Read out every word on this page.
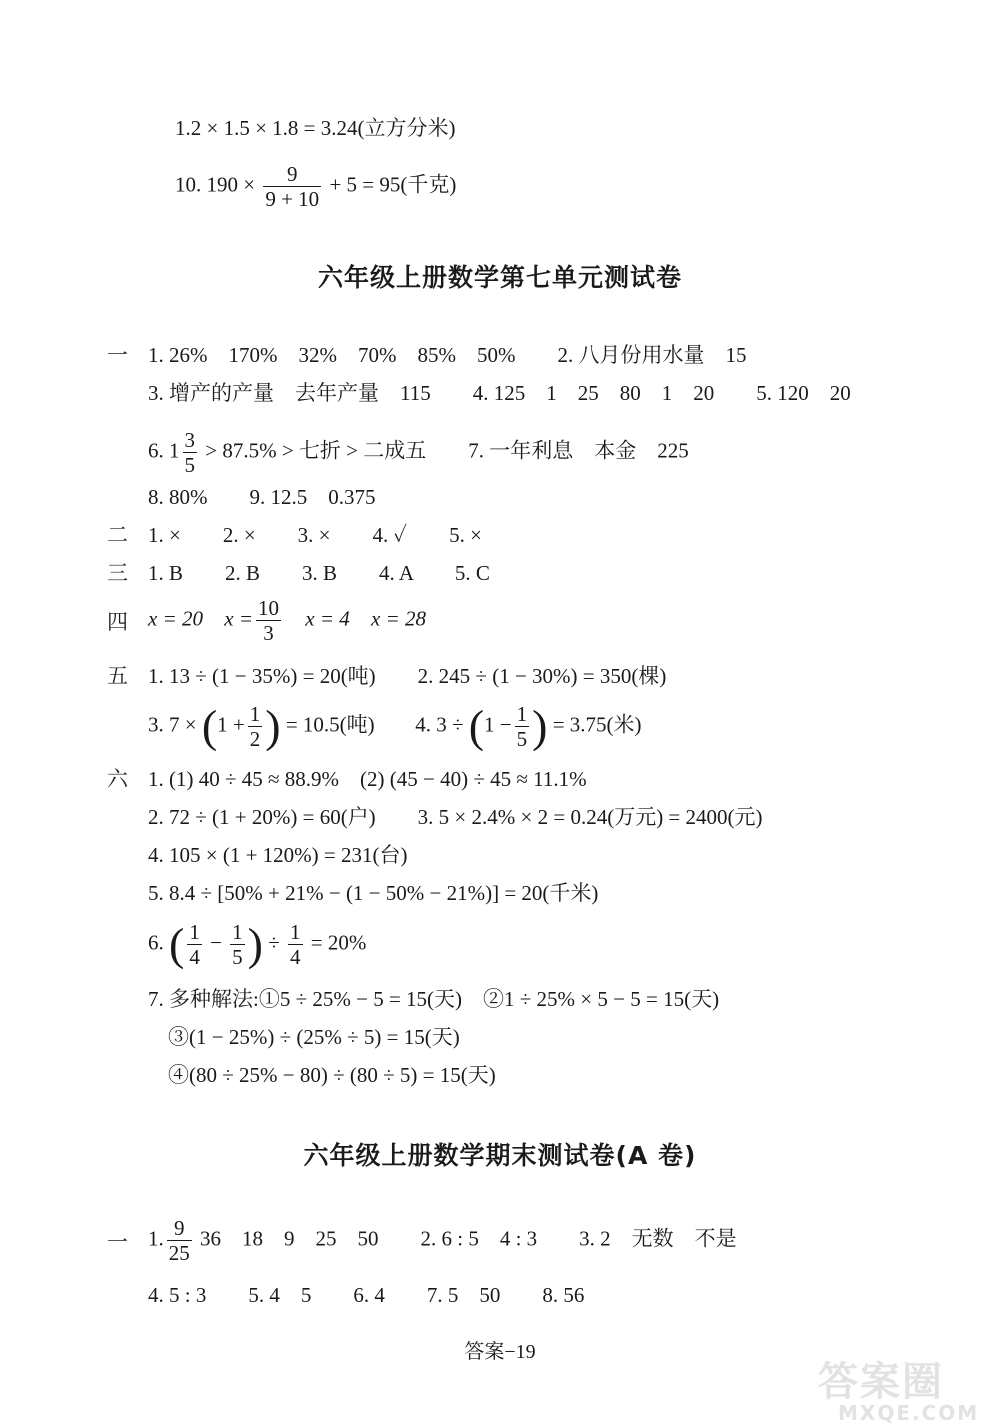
1.2 × 1.5 × 1.8 = 3.24(立方分米)
10. $190 \times \frac{9}{9 + 10} + 5 = 95$(千克)
六年级上册数学第七单元测试卷
一 1. 26%　170%　32%　70%　85%　50%　　2. 八月份用水量　15
3. 增产的产量　去年产量　115　　4. 125　1　25　80　1　20　　5. 120　20
6. $1 \frac{3}{5} > 87.5\%$ > 七折 > 二成五　　7. 一年利息　本金　225
8. 80%　　9. 12.5　0.375
二 1. ×　　2. ×　　3. ×　　4. ✓　　5. ×
三 1. B　　2. B　　3. B　　4. A　　5. C
四 x = 20 $x = \frac{10}{3}$ x = 4 x = 28
五 1. 13 ÷ (1 − 35%) = 20(吨)　　2. 245 ÷ (1 − 30%) = 350(棵)
3. $7 \times (1 + \frac{1}{2}$ ) = 10.5(吨) 4. $3 \div (1 - \frac{1}{5}$ ) = 3.75(米)
六 1. (1) 40 ÷ 45 ≈ 88.9%　(2) (45 − 40) ÷ 45 ≈ 11.1%
2. 72 ÷ (1 + 20%) = 60(户)　　3. 5 × 2.4% × 2 = 0.24(万元) = 2400(元)
4. 105 × (1 + 120%) = 231(台)
5. 8.4 ÷ [50% + 21% − (1 − 50% − 21%)] = 20(千米)
6. ( $\frac{1}{4} - \frac{1}{5}$ ) ÷ $\frac{1}{4} = 20\%$
7. 多种解法:①5 ÷ 25% − 5 = 15(天)　②1 ÷ 25% × 5 − 5 = 15(天)
③(1 − 25%) ÷ (25% ÷ 5) = 15(天)
④(80 ÷ 25% − 80) ÷ (80 ÷ 5) = 15(天)
六年级上册数学期末测试卷(A 卷)
一 1. $\frac{9}{25} 36$　18　9　25　50　　2. 6 : 5　4 : 3　　3. 2　无数　不是
4. 5 : 3　　5. 4　5　　6. 4　　7. 5　50　　8. 56
答案−19
答案圈
MXQE.COM
